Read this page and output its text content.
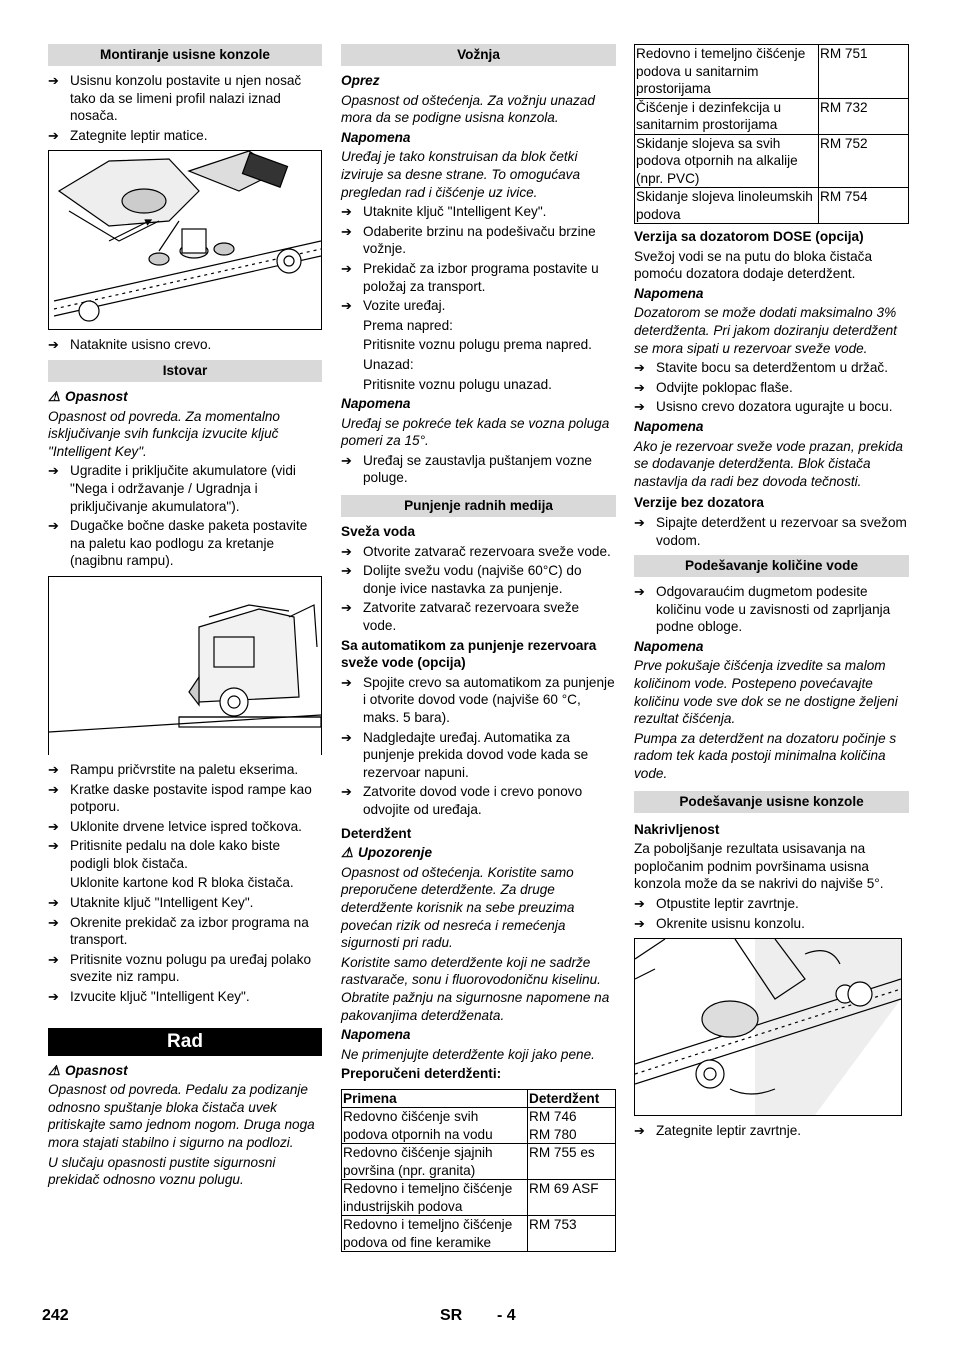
Montiranje usisne konzole
➔ Usisnu konzolu postavite u njen nosač tako da se limeni profil nalazi iznad nosača.
➔ Zategnite leptir matice.
➔ Nataknite usisno crevo.
Istovar

⚠ Opasnost

Opasnost od povreda. Za momentalno isključivanje svih funkcija izvucite ključ "Intelligent Key".

➔ Ugradite i priključite akumulatore (vidi "Nega i održavanje / Ugradnja i priključivanje akumulatora").
➔ Dugačke bočne daske paketa postavite na paletu kao podlogu za kretanje (nagibnu rampu).
➔ Rampu pričvrstite na paletu ekserima.
➔ Kratke daske postavite ispod rampe kao potporu.
➔ Uklonite drvene letvice ispred točkova.
➔ Pritisnite pedalu na dole kako biste podigli blok čistača.
Uklonite kartone kod R bloka čistača.
➔ Utaknite ključ "Intelligent Key".
➔ Okrenite prekidač za izbor programa na transport.
➔ Pritisnite voznu polugu pa uređaj polako svezite niz rampu.
➔ Izvucite ključ "Intelligent Key".
Rad

⚠ Opasnost

Opasnost od povreda. Pedalu za podizanje odnosno spuštanje bloka čistača uvek pritiskajte samo jednom nogom. Druga noga mora stajati stabilno i sigurno na podlozi.

U slučaju opasnosti pustite sigurnosni prekidač odnosno voznu polugu.

Vožnja

Oprez

Opasnost od oštećenja. Za vožnju unazad mora da se podigne usisna konzola.

Napomena

Uređaj je tako konstruisan da blok četki izviruje sa desne strane. To omogućava pregledan rad i čišćenje uz ivice.

➔ Utaknite ključ "Intelligent Key".
➔ Odaberite brzinu na podešivaču brzine vožnje.
➔ Prekidač za izbor programa postavite u položaj za transport.
➔ Vozite uređaj.
Prema napred:
Pritisnite voznu polugu prema napred.
Unazad:
Pritisnite voznu polugu unazad.

Napomena

Uređaj se pokreće tek kada se vozna poluga pomeri za 15°.

➔ Uređaj se zaustavlja puštanjem vozne poluge.
Punjenje radnih medija

Sveža voda

➔ Otvorite zatvarač rezervoara sveže vode.
➔ Dolijte svežu vodu (najviše 60°C) do donje ivice nastavka za punjenje.
➔ Zatvorite zatvarač rezervoara sveže vode.

Sa automatikom za punjenje rezervoara sveže vode (opcija)

➔ Spojite crevo sa automatikom za punjenje i otvorite dovod vode (najviše 60 °C, maks. 5 bara).
➔ Nadgledajte uređaj. Automatika za punjenje prekida dovod vode kada se rezervoar napuni.
➔ Zatvorite dovod vode i crevo ponovo odvojite od uređaja.

Deterdžent

⚠ Upozorenje

Opasnost od oštećenja. Koristite samo preporučene deterdžente. Za druge deterdžente korisnik na sebe preuzima povećan rizik od nesreća i remećenja sigurnosti pri radu.

Koristite samo deterdžente koji ne sadrže rastvarače, sonu i fluorovodoničnu kiselinu. Obratite pažnju na sigurnosne napomene na pakovanjima deterdženata.

Napomena

Ne primenjujte deterdžente koji jako pene.

Preporučeni deterdženti:

Primena	Deterdžent
Redovno čišćenje svih podova otpornih na vodu	RM 746
RM 780
Redovno čišćenje sjajnih površina (npr. granita)	RM 755 es
Redovno i temeljno čišćenje industrijskih podova	RM 69 ASF
Redovno i temeljno čišćenje podova od fine keramike	RM 753
Redovno i temeljno čišćenje podova u sanitarnim prostorijama	RM 751
Čišćenje i dezinfekcija u sanitarnim prostorijama	RM 732
Skidanje slojeva sa svih podova otpornih na alkalije (npr. PVC)	RM 752
Skidanje slojeva linoleumskih podova	RM 754

Verzija sa dozatorom DOSE (opcija)

Svežoj vodi se na putu do bloka čistača pomoću dozatora dodaje deterdžent.

Napomena

Dozatorom se može dodati maksimalno 3% deterdženta. Pri jakom doziranju deterdžent se mora sipati u rezervoar sveže vode.

➔ Stavite bocu sa deterdžentom u držač.
➔ Odvijte poklopac flaše.
➔ Usisno crevo dozatora ugurajte u bocu.

Napomena

Ako je rezervoar sveže vode prazan, prekida se dodavanje deterdženta. Blok čistača nastavlja da radi bez dovoda tečnosti.

Verzije bez dozatora

➔ Sipajte deterdžent u rezervoar sa svežom vodom.
Podešavanje količine vode
➔ Odgovaraućim dugmetom podesite količinu vode u zavisnosti od zaprljanja podne obloge.

Napomena

Prve pokušaje čišćenja izvedite sa malom količinom vode. Postepeno povećavajte količinu vode sve dok se ne dostigne željeni rezultat čišćenja.

Pumpa za deterdžent na dozatoru počinje s radom tek kada postoji minimalna količina vode.

Podešavanje usisne konzole

Nakrivljenost

Za poboljšanje rezultata usisavanja na popločanim podnim površinama usisna konzola može da se nakrivi do najviše 5°.

➔ Otpustite leptir zavrtnje.
➔ Okrenite usisnu konzolu.
➔ Zategnite leptir zavrtnje.
242	SR - 4
